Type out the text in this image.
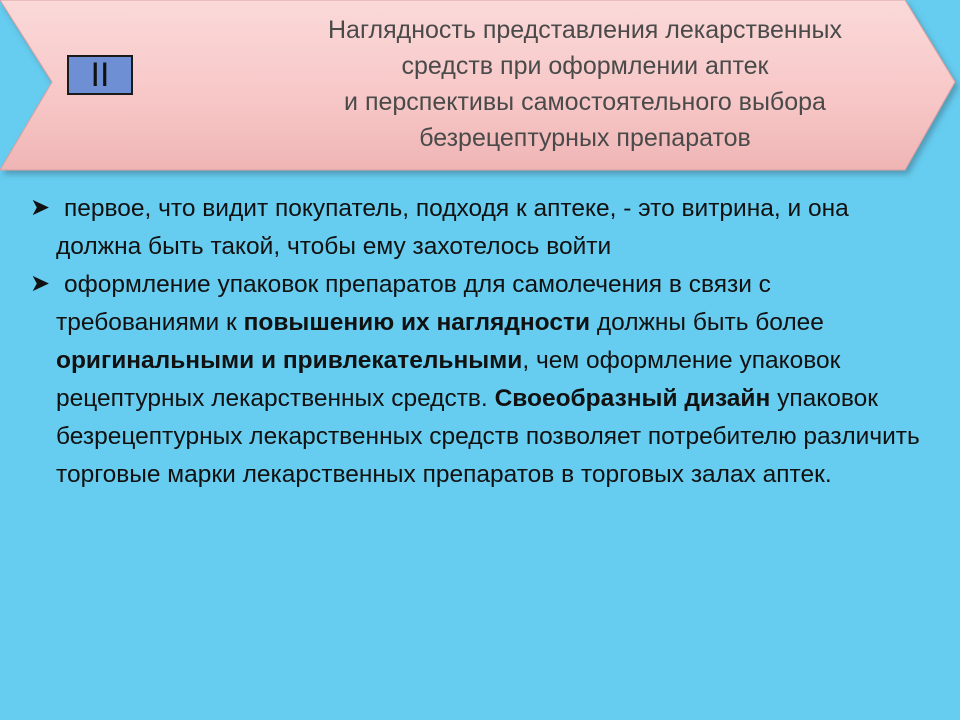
II
Наглядность представления лекарственных
средств при оформлении аптек
и перспективы самостоятельного выбора
безрецептурных препаратов
➤ первое, что видит покупатель, подходя к аптеке, - это витрина, и она должна быть такой, чтобы ему захотелось войти

➤ оформление упаковок препаратов для самолечения в связи с требованиями к повышению их наглядности должны быть более оригинальными и привлекательными, чем оформление упаковок рецептурных лекарственных средств. Своеобразный дизайн упаковок безрецептурных лекарственных средств позволяет потребителю различить торговые марки лекарственных препаратов в торговых залах аптек.
